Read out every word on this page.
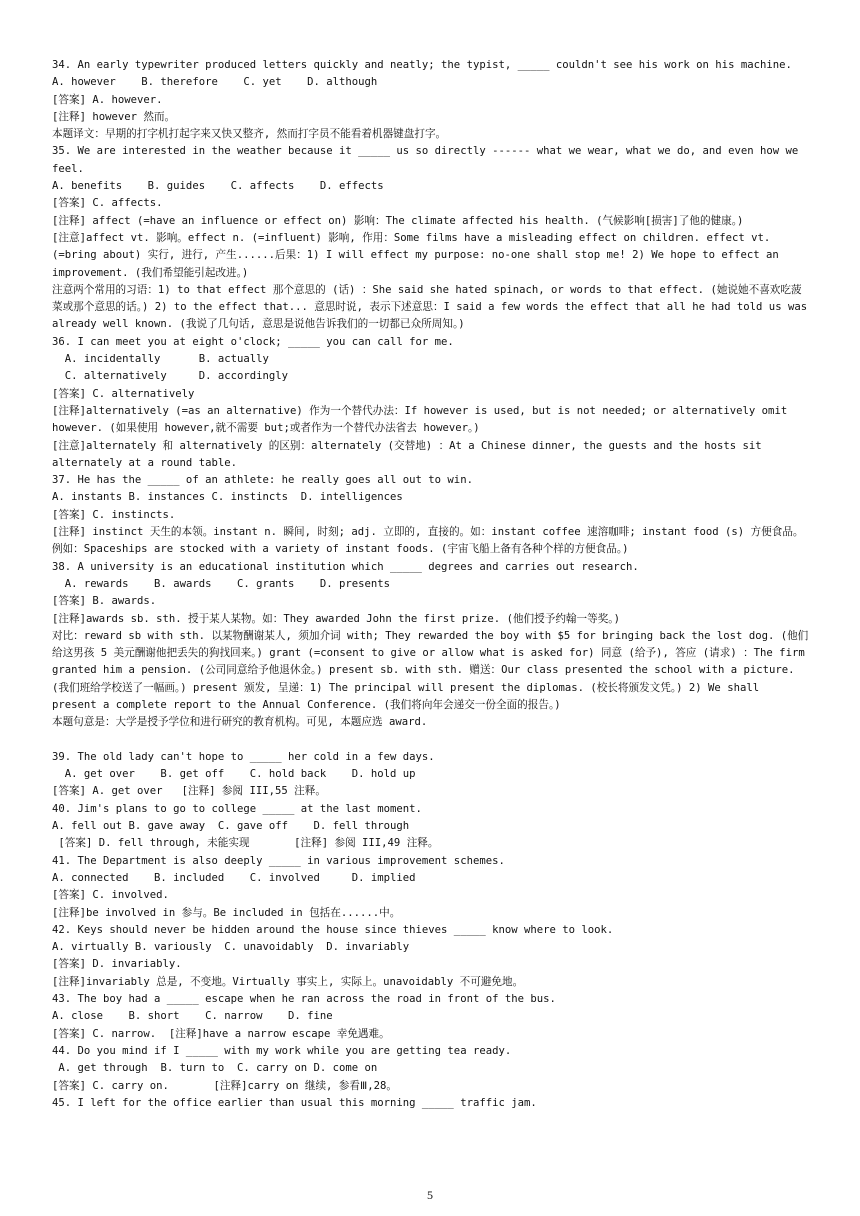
34. An early typewriter produced letters quickly and neatly; the typist, _____ couldn't see his work on his machine.

A. however    B. therefore    C. yet    D. although

[答案] A. however.

[注释] however 然而。

本题译文：早期的打字机打起字来又快又整齐, 然而打字员不能看着机器键盘打字。

35. We are interested in the weather because it _____ us so directly ------ what we wear, what we do, and even how we feel.

A. benefits    B. guides    C. affects    D. effects

[答案] C. affects.

[注释] affect (=have an influence or effect on) 影响：The climate affected his health. (气候影响[损害]了他的健康。)

[注意]affect vt. 影响。effect n. (=influent) 影响, 作用：Some films have a misleading effect on children. effect vt. (=bring about) 实行, 进行, 产生......后果：1) I will effect my purpose: no-one shall stop me! 2) We hope to effect an improvement. (我们希望能引起改进。)

注意两个常用的习语：1) to that effect 那个意思的 (话) ：She said she hated spinach, or words to that effect. (她说她不喜欢吃菠菜或那个意思的话。) 2) to the effect that... 意思时说, 表示下述意思：I said a few words the effect that all he had told us was already well known. (我说了几句话, 意思是说他告诉我们的一切都已众所周知。)

36. I can meet you at eight o'clock; _____ you can call for me.

A. incidentally      B. actually

C. alternatively     D. accordingly

[答案] C. alternatively

[注释]alternatively (=as an alternative) 作为一个替代办法：If however is used, but is not needed; or alternatively omit however. (如果使用 however,就不需要 but;或者作为一个替代办法省去 however。)

[注意]alternately 和 alternatively 的区别：alternately (交替地) ：At a Chinese dinner, the guests and the hosts sit alternately at a round table.

37. He has the _____ of an athlete: he really goes all out to win.

A. instants B. instances C. instincts  D. intelligences

[答案] C. instincts.

[注释] instinct 天生的本领。instant n. 瞬间, 时刻; adj. 立即的, 直接的。如：instant coffee 速溶咖啡; instant food (s) 方便食品。例如：Spaceships are stocked with a variety of instant foods. (宇宙飞船上备有各种个样的方便食品。)

38. A university is an educational institution which _____ degrees and carries out research.

A. rewards    B. awards    C. grants    D. presents

[答案] B. awards.

[注释]awards sb. sth. 授于某人某物。如：They awarded John the first prize. (他们授予约翰一等奖。)

对比：reward sb with sth. 以某物酬谢某人, 须加介词 with; They rewarded the boy with $5 for bringing back the lost dog. (他们给这男孩 5 美元酬谢他把丢失的狗找回来。) grant (=consent to give or allow what is asked for) 同意 (给予), 答应 (请求) ：The firm granted him a pension. (公司同意给予他退休金。) present sb. with sth. 赠送：Our class presented the school with a picture. (我们班给学校送了一幅画。) present 颁发, 呈递：1) The principal will present the diplomas. (校长将颁发文凭。) 2) We shall present a complete report to the Annual Conference. (我们将向年会递交一份全面的报告。)

本题句意是：大学是授予学位和进行研究的教育机构。可见, 本题应选 award.

39. The old lady can't hope to _____ her cold in a few days.

A. get over    B. get off    C. hold back    D. hold up

[答案] A. get over   [注释] 参阅 III,55 注释。

40. Jim's plans to go to college _____ at the last moment.

A. fell out B. gave away  C. gave off    D. fell through

[答案] D. fell through, 未能实现       [注释] 参阅 III,49 注释。

41. The Department is also deeply _____ in various improvement schemes.

A. connected    B. included    C. involved     D. implied

[答案] C. involved.

[注释]be involved in 参与。Be included in 包括在......中。

42. Keys should never be hidden around the house since thieves _____ know where to look.

A. virtually B. variously  C. unavoidably  D. invariably

[答案] D. invariably.

[注释]invariably 总是, 不变地。Virtually 事实上, 实际上。unavoidably 不可避免地。

43. The boy had a _____ escape when he ran across the road in front of the bus.

A. close    B. short    C. narrow    D. fine

[答案] C. narrow.  [注释]have a narrow escape 幸免遇难。

44. Do you mind if I _____ with my work while you are getting tea ready.

A. get through  B. turn to  C. carry on D. come on

[答案] C. carry on.       [注释]carry on 继续, 参看Ⅲ,28。

45. I left for the office earlier than usual this morning _____ traffic jam.

5
